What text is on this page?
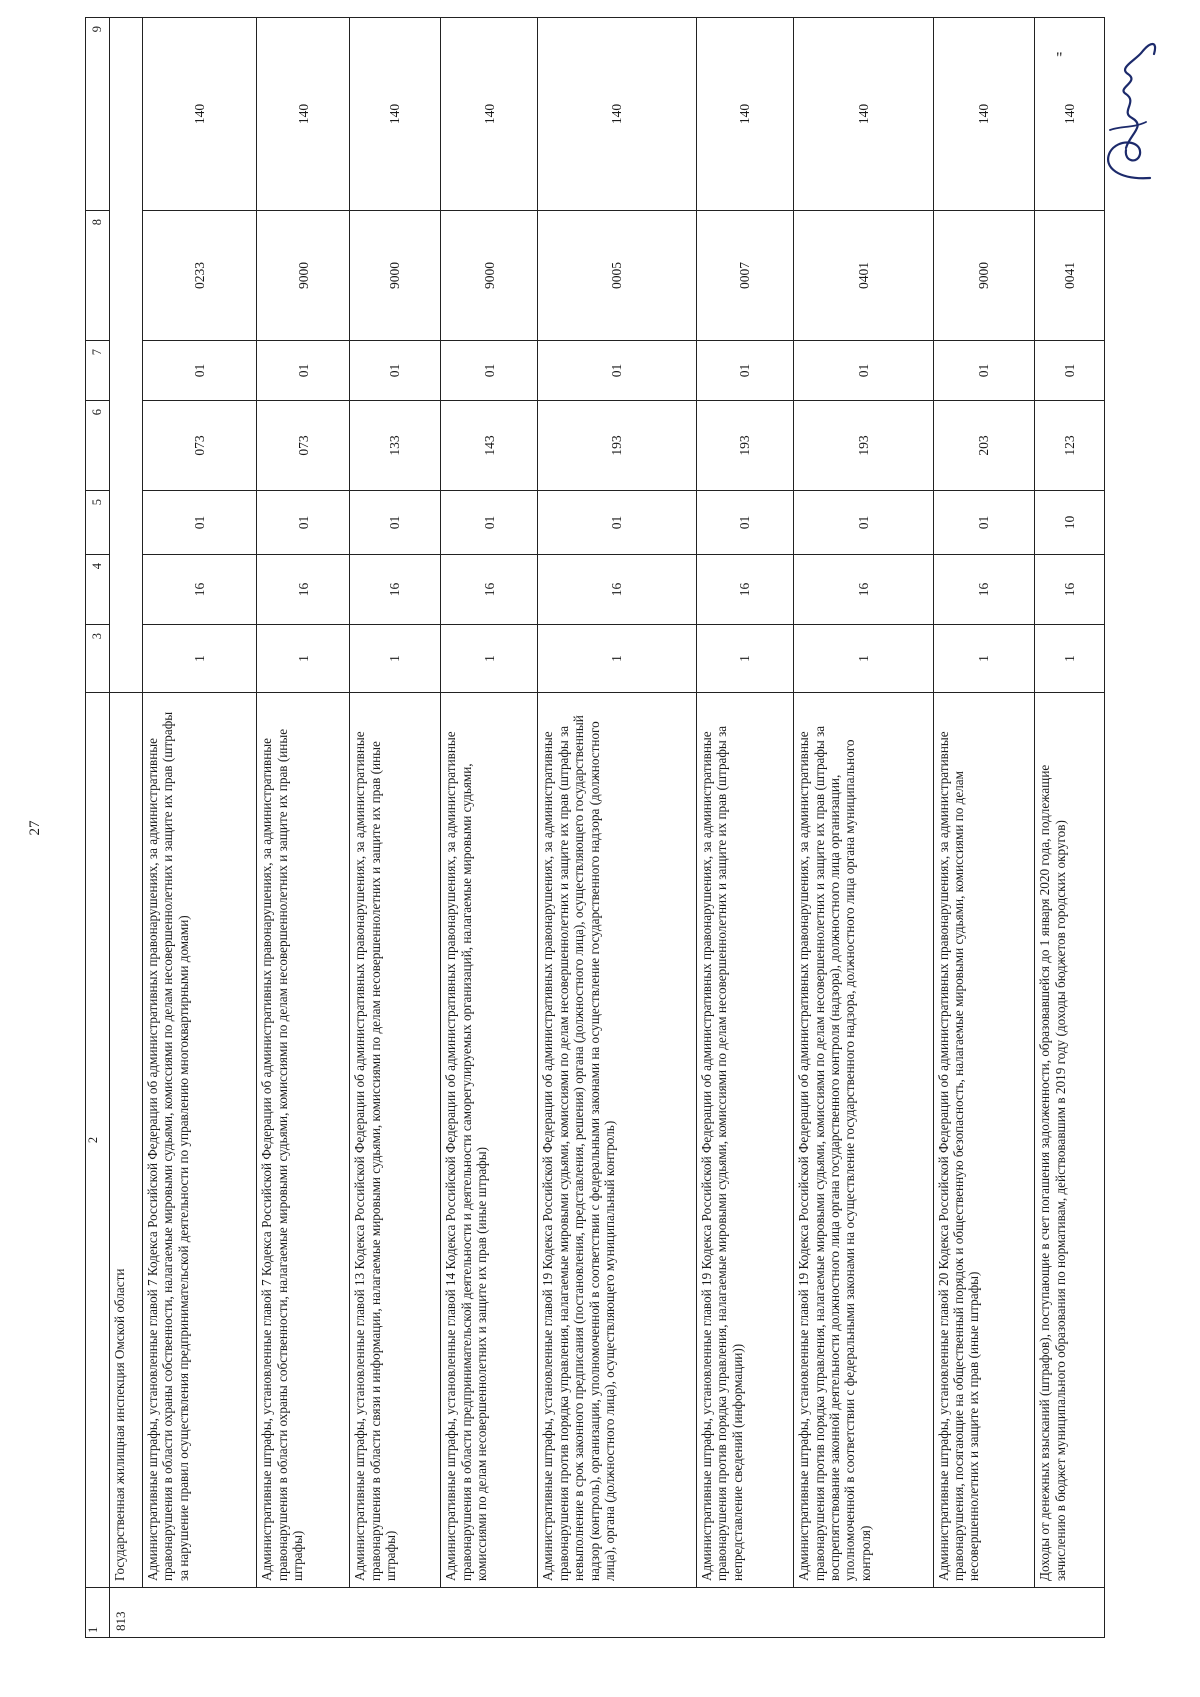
27
1	2	3	4	5	6	7	8	9
813	Государственная жилищная инспекция Омской области							
	Административные штрафы, установленные главой 7 Кодекса Российской Федерации об административных правонарушениях, за административные правонарушения в области охраны собственности, налагаемые мировыми судьями, комиссиями по делам несовершеннолетних и защите их прав (штрафы за нарушение правил осуществления предпринимательской деятельности по управлению многоквартирными домами)	1	16	01	073	01	0233	140
	Административные штрафы, установленные главой 7 Кодекса Российской Федерации об административных правонарушениях, за административные правонарушения в области охраны собственности, налагаемые мировыми судьями, комиссиями по делам несовершеннолетних и защите их прав (иные штрафы)	1	16	01	073	01	9000	140
	Административные штрафы, установленные главой 13 Кодекса Российской Федерации об административных правонарушениях, за административные правонарушения в области связи и информации, налагаемые мировыми судьями, комиссиями по делам несовершеннолетних и защите их прав (иные штрафы)	1	16	01	133	01	9000	140
	Административные штрафы, установленные главой 14 Кодекса Российской Федерации об административных правонарушениях, за административные правонарушения в области предпринимательской деятельности и деятельности саморегулируемых организаций, налагаемые мировыми судьями, комиссиями по делам несовершеннолетних и защите их прав (иные штрафы)	1	16	01	143	01	9000	140
	Административные штрафы, установленные главой 19 Кодекса Российской Федерации об административных правонарушениях, за административные правонарушения против порядка управления, налагаемые мировыми судьями, комиссиями по делам несовершеннолетних и защите их прав (штрафы за невыполнение в срок законного предписания (постановления, представления, решения) органа (должностного лица), осуществляющего государственный надзор (контроль), организации, уполномоченной в соответствии с федеральными законами на осуществление государственного надзора (должностного лица), органа (должностного лица), осуществляющего муниципальный контроль)	1	16	01	193	01	0005	140
	Административные штрафы, установленные главой 19 Кодекса Российской Федерации об административных правонарушениях, за административные правонарушения против порядка управления, налагаемые мировыми судьями, комиссиями по делам несовершеннолетних и защите их прав (штрафы за непредставление сведений (информации))	1	16	01	193	01	0007	140
	Административные штрафы, установленные главой 19 Кодекса Российской Федерации об административных правонарушениях, за административные правонарушения против порядка управления, налагаемые мировыми судьями, комиссиями по делам несовершеннолетних и защите их прав (штрафы за воспрепятствование законной деятельности должностного лица органа государственного контроля (надзора), должностного лица организации, уполномоченной в соответствии с федеральными законами на осуществление государственного надзора, должностного лица органа муниципального контроля)	1	16	01	193	01	0401	140
	Административные штрафы, установленные главой 20 Кодекса Российской Федерации об административных правонарушениях, за административные правонарушения, посягающие на общественный порядок и общественную безопасность, налагаемые мировыми судьями, комиссиями по делам несовершеннолетних и защите их прав (иные штрафы)	1	16	01	203	01	9000	140
	Доходы от денежных взысканий (штрафов), поступающие в счет погашения задолженности, образовавшейся до 1 января 2020 года, подлежащие зачислению в бюджет муниципального образования по нормативам, действовавшим в 2019 году (доходы бюджетов городских округов)	1	16	10	123	01	0041	140
"
